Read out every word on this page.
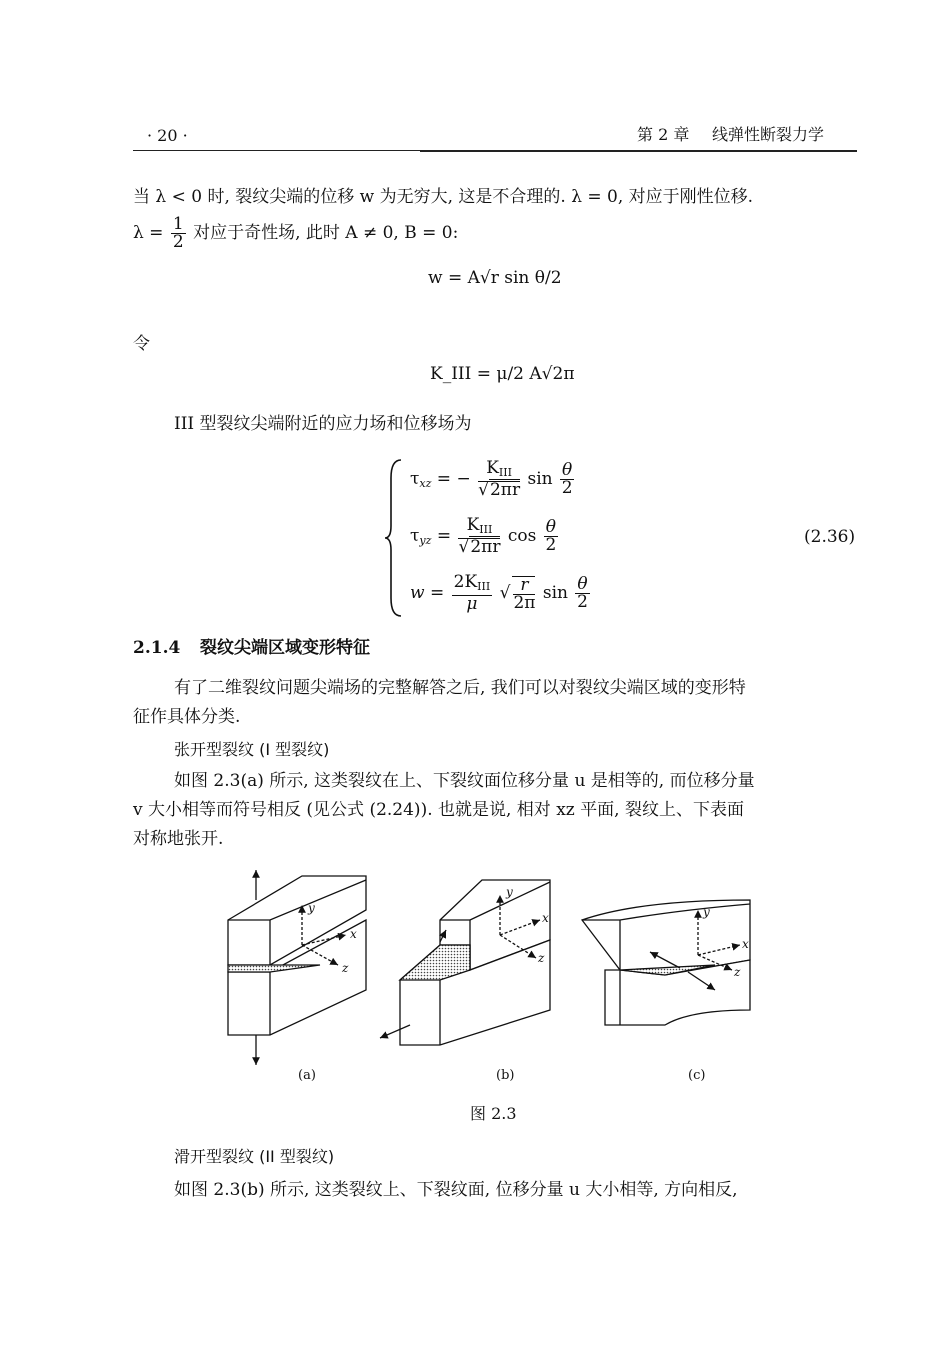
· 20 ·	第 2 章 线弹性断裂力学
当 λ < 0 时, 裂纹尖端的位移 w 为无穷大, 这是不合理的. λ = 0, 对应于刚性位移.
$\lambda = \frac{1}{2}$ 对应于奇性场, 此时 A ≠ 0, B = 0:
w = A√r sin θ/2
令
K_III = μ/2 A√2π
III 型裂纹尖端附近的应力场和位移场为
$\tau_{xz}$ = − $\frac{K_{III}}{√2\pi r}$ $\sin \frac{\theta}{2}$
$\tau_{yz} = \frac{K_{III}}{√2\pi r}$ $\cos \frac{\theta}{2}$
$w = \frac{2K_{III}}{\mu}$ √ $\frac{r}{2\pi}$ $\sin \frac{\theta}{2}$
(2.36)
2.1.4 裂纹尖端区域变形特征
有了二维裂纹问题尖端场的完整解答之后, 我们可以对裂纹尖端区域的变形特
征作具体分类.
张开型裂纹 (I 型裂纹)
如图 2.3(a) 所示, 这类裂纹在上、下裂纹面位移分量 u 是相等的, 而位移分量
v 大小相等而符号相反 (见公式 (2.24)). 也就是说, 相对 xz 平面, 裂纹上、下表面
对称地张开.
y
x
z
y
x
z
y
x
z
(a)	(b)	(c)
图 2.3
滑开型裂纹 (II 型裂纹)
如图 2.3(b) 所示, 这类裂纹上、下裂纹面, 位移分量 u 大小相等, 方向相反,
